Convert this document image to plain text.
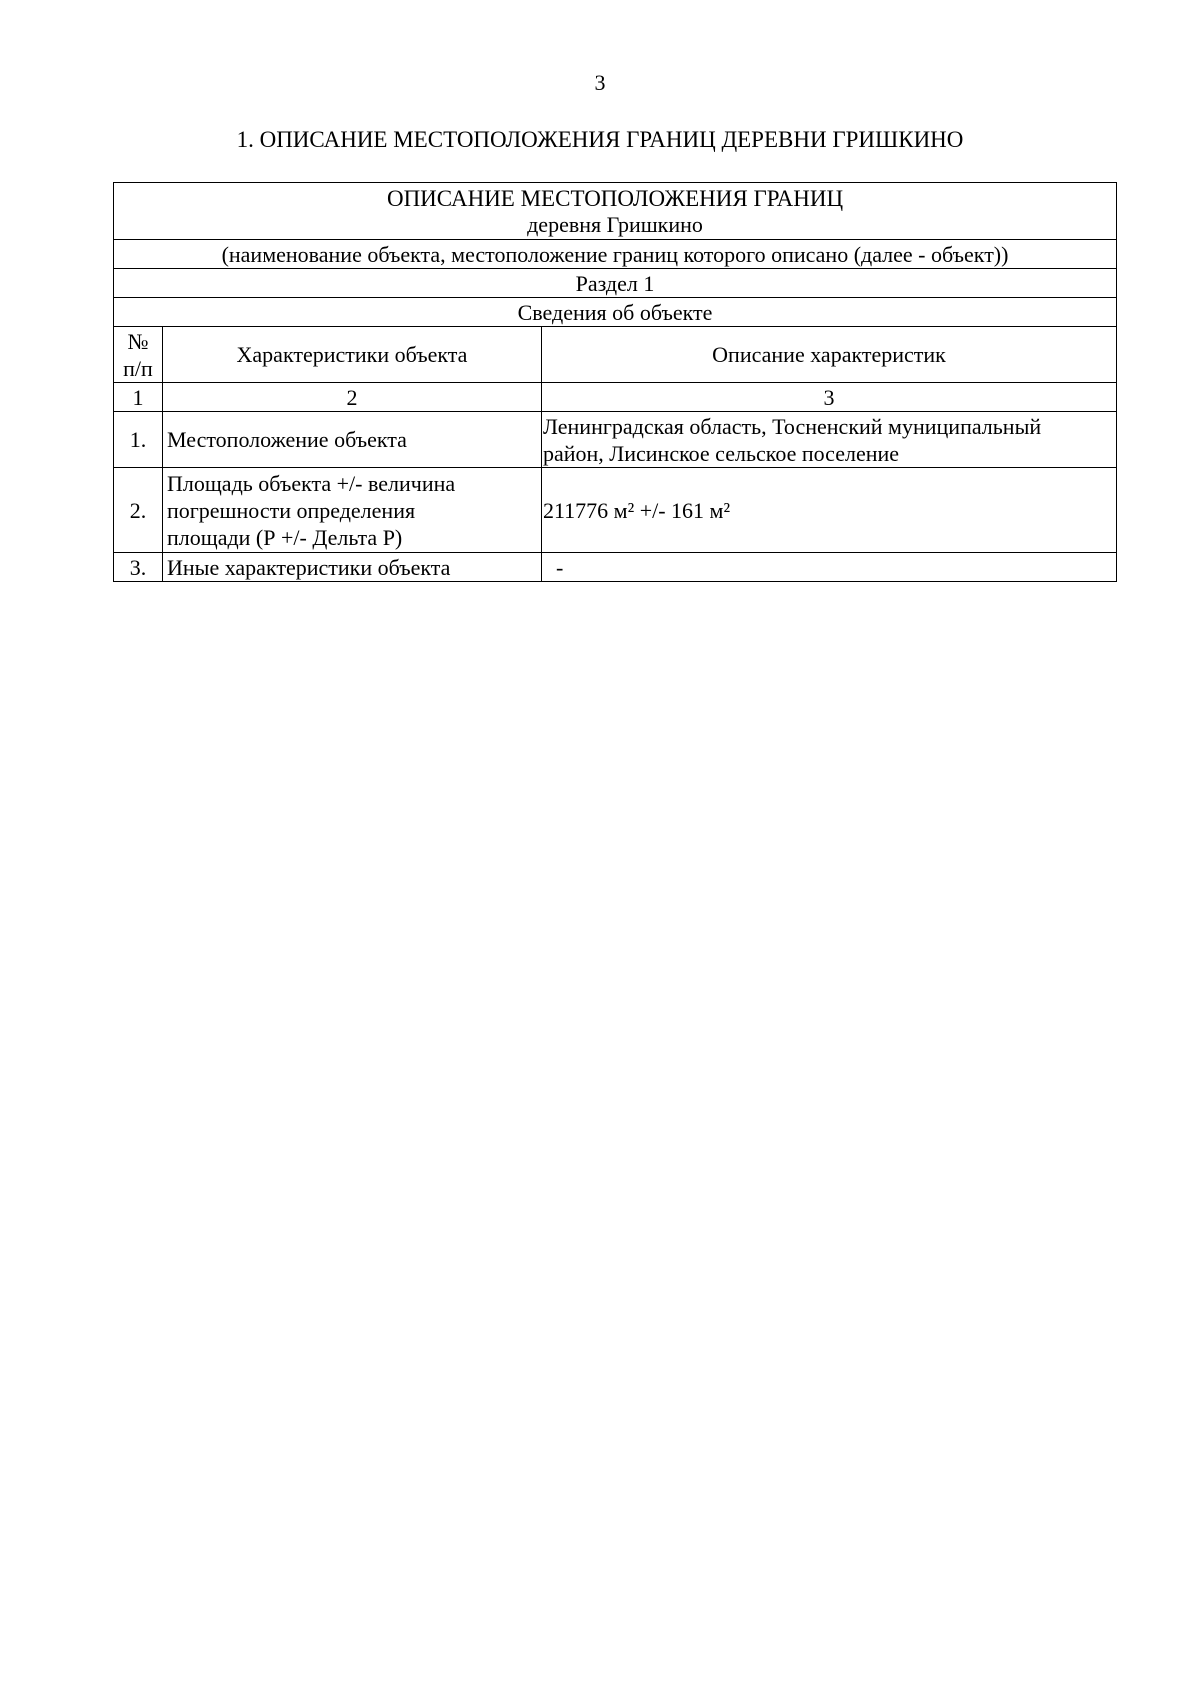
3
1. ОПИСАНИЕ МЕСТОПОЛОЖЕНИЯ ГРАНИЦ ДЕРЕВНИ ГРИШКИНО
ОПИСАНИЕ МЕСТОПОЛОЖЕНИЯ ГРАНИЦ
деревня Гришкино		

(наименование объекта, местоположение границ которого описано (далее - объект))		
Раздел 1		
Сведения об объекте		

№
п/п	Характеристики объекта	Описание характеристик
1	2	3
1.	Местоположение объекта	Ленинградская область, Тосненский муниципальный
район, Лисинское сельское поселение

2.	Площадь объекта +/- величина
погрешности определения
площади (Р +/- Дельта Р)	211776 м² +/- 161 м²
3.	Иные характеристики объекта	-
